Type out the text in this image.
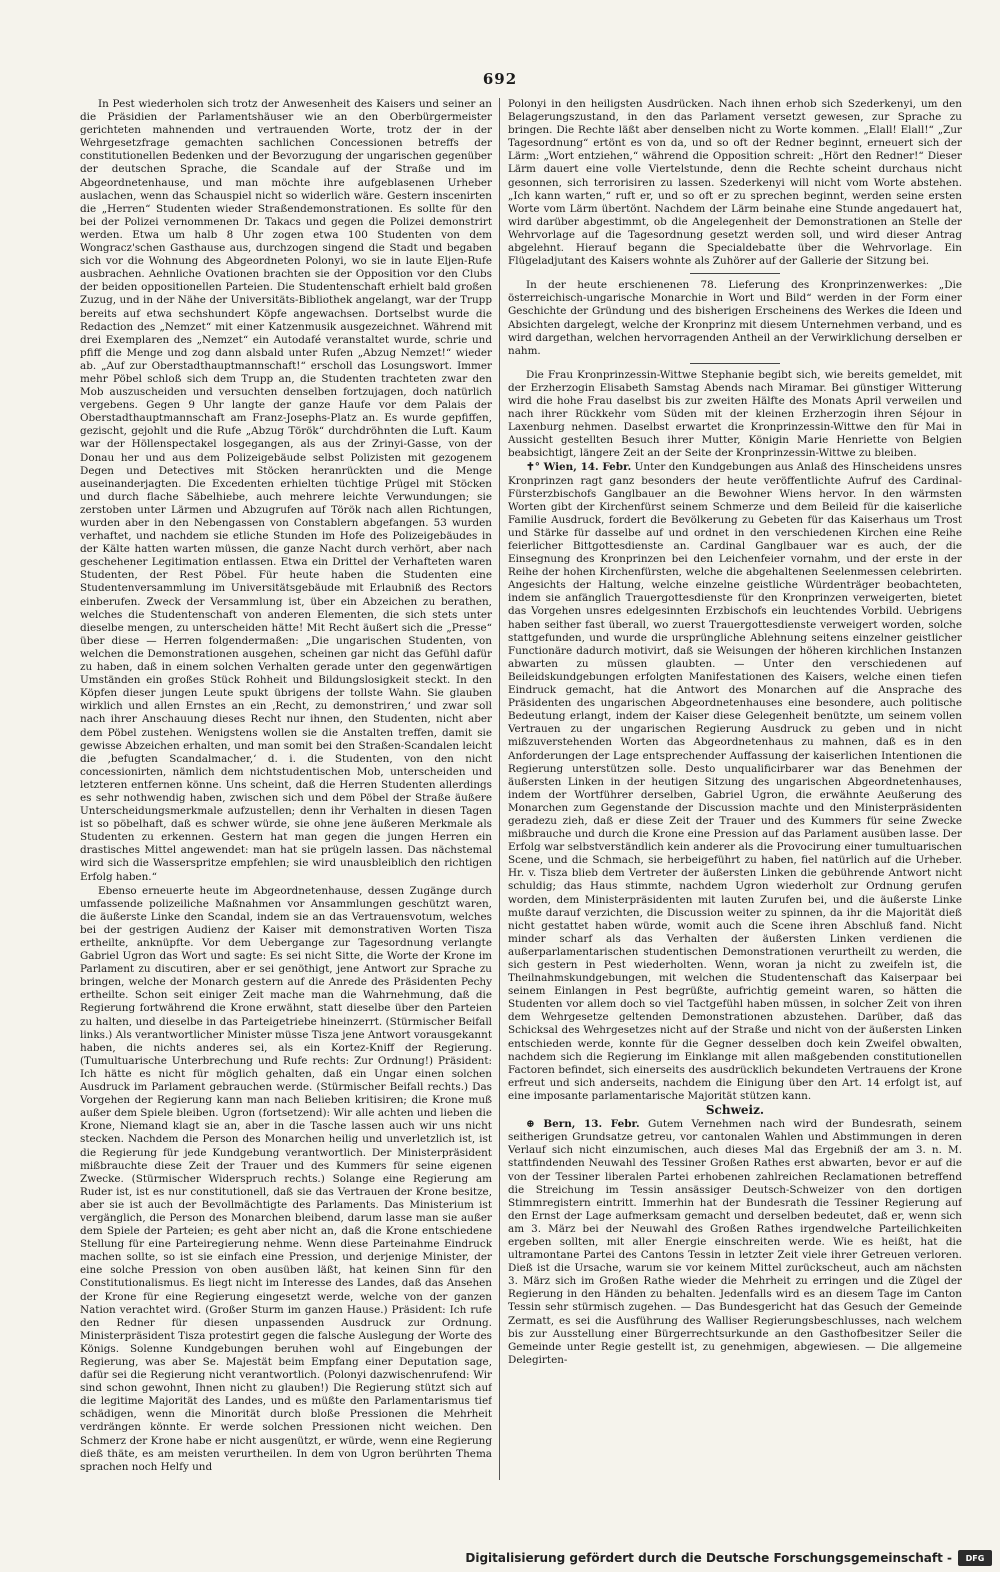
692

In Pest wiederholen sich trotz der Anwesenheit des Kaisers und seiner an die Präsidien der Parlamentshäuser wie an den Oberbürgermeister gerichteten mahnenden und vertrauenden Worte, trotz der in der Wehrgesetzfrage gemachten sachlichen Concessionen betreffs der constitutionellen Bedenken und der Bevorzugung der ungarischen gegenüber der deutschen Sprache, die Scandale auf der Straße und im Abgeordnetenhause, und man möchte ihre aufgeblasenen Urheber auslachen, wenn das Schauspiel nicht so widerlich wäre. Gestern inscenirten die „Herren“ Studenten wieder Straßendemonstrationen. Es sollte für den bei der Polizei vernommenen Dr. Takacs und gegen die Polizei demonstrirt werden. Etwa um halb 8 Uhr zogen etwa 100 Studenten von dem Wongracz'schen Gasthause aus, durchzogen singend die Stadt und begaben sich vor die Wohnung des Abgeordneten Polonyi, wo sie in laute Eljen-Rufe ausbrachen. Aehnliche Ovationen brachten sie der Opposition vor den Clubs der beiden oppositionellen Parteien. Die Studentenschaft erhielt bald großen Zuzug, und in der Nähe der Universitäts-Bibliothek angelangt, war der Trupp bereits auf etwa sechshundert Köpfe angewachsen. Dortselbst wurde die Redaction des „Nemzet“ mit einer Katzenmusik ausgezeichnet. Während mit drei Exemplaren des „Nemzet“ ein Autodafé veranstaltet wurde, schrie und pfiff die Menge und zog dann alsbald unter Rufen „Abzug Nemzet!“ wieder ab. „Auf zur Oberstadthauptmannschaft!“ erscholl das Losungswort. Immer mehr Pöbel schloß sich dem Trupp an, die Studenten trachteten zwar den Mob auszuscheiden und versuchten denselben fortzujagen, doch natürlich vergebens. Gegen 9 Uhr langte der ganze Haufe vor dem Palais der Oberstadthauptmannschaft am Franz-Josephs-Platz an. Es wurde gepfiffen, gezischt, gejohlt und die Rufe „Abzug Török“ durchdröhnten die Luft. Kaum war der Höllenspectakel losgegangen, als aus der Zrinyi-Gasse, von der Donau her und aus dem Polizeigebäude selbst Polizisten mit gezogenem Degen und Detectives mit Stöcken heranrückten und die Menge auseinanderjagten. Die Excedenten erhielten tüchtige Prügel mit Stöcken und durch flache Säbelhiebe, auch mehrere leichte Verwundungen; sie zerstoben unter Lärmen und Abzugrufen auf Török nach allen Richtungen, wurden aber in den Nebengassen von Constablern abgefangen. 53 wurden verhaftet, und nachdem sie etliche Stunden im Hofe des Polizeigebäudes in der Kälte hatten warten müssen, die ganze Nacht durch verhört, aber nach geschehener Legitimation entlassen. Etwa ein Drittel der Verhafteten waren Studenten, der Rest Pöbel. Für heute haben die Studenten eine Studentenversammlung im Universitätsgebäude mit Erlaubniß des Rectors einberufen. Zweck der Versammlung ist, über ein Abzeichen zu berathen, welches die Studentenschaft von anderen Elementen, die sich stets unter dieselbe mengen, zu unterscheiden hätte! Mit Recht äußert sich die „Presse“ über diese — Herren folgendermaßen: „Die ungarischen Studenten, von welchen die Demonstrationen ausgehen, scheinen gar nicht das Gefühl dafür zu haben, daß in einem solchen Verhalten gerade unter den gegenwärtigen Umständen ein großes Stück Rohheit und Bildungslosigkeit steckt. In den Köpfen dieser jungen Leute spukt übrigens der tollste Wahn. Sie glauben wirklich und allen Ernstes an ein ‚Recht, zu demonstriren,‘ und zwar soll nach ihrer Anschauung dieses Recht nur ihnen, den Studenten, nicht aber dem Pöbel zustehen. Wenigstens wollen sie die Anstalten treffen, damit sie gewisse Abzeichen erhalten, und man somit bei den Straßen-Scandalen leicht die ‚befugten Scandalmacher,‘ d. i. die Studenten, von den nicht concessionirten, nämlich dem nichtstudentischen Mob, unterscheiden und letzteren entfernen könne. Uns scheint, daß die Herren Studenten allerdings es sehr nothwendig haben, zwischen sich und dem Pöbel der Straße äußere Unterscheidungsmerkmale aufzustellen; denn ihr Verhalten in diesen Tagen ist so pöbelhaft, daß es schwer würde, sie ohne jene äußeren Merkmale als Studenten zu erkennen. Gestern hat man gegen die jungen Herren ein drastisches Mittel angewendet: man hat sie prügeln lassen. Das nächstemal wird sich die Wasserspritze empfehlen; sie wird unausbleiblich den richtigen Erfolg haben.“

Ebenso erneuerte heute im Abgeordnetenhause, dessen Zugänge durch umfassende polizeiliche Maßnahmen vor Ansammlungen geschützt waren, die äußerste Linke den Scandal, indem sie an das Vertrauensvotum, welches bei der gestrigen Audienz der Kaiser mit demonstrativen Worten Tisza ertheilte, anknüpfte. Vor dem Uebergange zur Tagesordnung verlangte Gabriel Ugron das Wort und sagte: Es sei nicht Sitte, die Worte der Krone im Parlament zu discutiren, aber er sei genöthigt, jene Antwort zur Sprache zu bringen, welche der Monarch gestern auf die Anrede des Präsidenten Pechy ertheilte. Schon seit einiger Zeit mache man die Wahrnehmung, daß die Regierung fortwährend die Krone erwähnt, statt dieselbe über den Parteien zu halten, und dieselbe in das Parteigetriebe hineinzerrt. (Stürmischer Beifall links.) Als verantwortlicher Minister müsse Tisza jene Antwort vorausgekannt haben, die nichts anderes sei, als ein Kortez-Kniff der Regierung. (Tumultuarische Unterbrechung und Rufe rechts: Zur Ordnung!) Präsident: Ich hätte es nicht für möglich gehalten, daß ein Ungar einen solchen Ausdruck im Parlament gebrauchen werde. (Stürmischer Beifall rechts.) Das Vorgehen der Regierung kann man nach Belieben kritisiren; die Krone muß außer dem Spiele bleiben. Ugron (fortsetzend): Wir alle achten und lieben die Krone, Niemand klagt sie an, aber in die Tasche lassen auch wir uns nicht stecken. Nachdem die Person des Monarchen heilig und unverletzlich ist, ist die Regierung für jede Kundgebung verantwortlich. Der Ministerpräsident mißbrauchte diese Zeit der Trauer und des Kummers für seine eigenen Zwecke. (Stürmischer Widerspruch rechts.) Solange eine Regierung am Ruder ist, ist es nur constitutionell, daß sie das Vertrauen der Krone besitze, aber sie ist auch der Bevollmächtigte des Parlaments. Das Ministerium ist vergänglich, die Person des Monarchen bleibend, darum lasse man sie außer dem Spiele der Parteien; es geht aber nicht an, daß die Krone entschiedene Stellung für eine Parteiregierung nehme. Wenn diese Parteinahme Eindruck machen sollte, so ist sie einfach eine Pression, und derjenige Minister, der eine solche Pression von oben ausüben läßt, hat keinen Sinn für den Constitutionalismus. Es liegt nicht im Interesse des Landes, daß das Ansehen der Krone für eine Regierung eingesetzt werde, welche von der ganzen Nation verachtet wird. (Großer Sturm im ganzen Hause.) Präsident: Ich rufe den Redner für diesen unpassenden Ausdruck zur Ordnung. Ministerpräsident Tisza protestirt gegen die falsche Auslegung der Worte des Königs. Solenne Kundgebungen beruhen wohl auf Eingebungen der Regierung, was aber Se. Majestät beim Empfang einer Deputation sage, dafür sei die Regierung nicht verantwortlich. (Polonyi dazwischenrufend: Wir sind schon gewohnt, Ihnen nicht zu glauben!) Die Regierung stützt sich auf die legitime Majorität des Landes, und es müßte den Parlamentarismus tief schädigen, wenn die Minorität durch bloße Pressionen die Mehrheit verdrängen könnte. Er werde solchen Pressionen nicht weichen. Den Schmerz der Krone habe er nicht ausgenützt, er würde, wenn eine Regierung dieß thäte, es am meisten verurtheilen. In dem von Ugron berührten Thema sprachen noch Helfy und

Polonyi in den heiligsten Ausdrücken. Nach ihnen erhob sich Szederkenyi, um den Belagerungszustand, in den das Parlament versetzt gewesen, zur Sprache zu bringen. Die Rechte läßt aber denselben nicht zu Worte kommen. „Elall! Elall!“ „Zur Tagesordnung“ ertönt es von da, und so oft der Redner beginnt, erneuert sich der Lärm: „Wort entziehen,“ während die Opposition schreit: „Hört den Redner!“ Dieser Lärm dauert eine volle Viertelstunde, denn die Rechte scheint durchaus nicht gesonnen, sich terrorisiren zu lassen. Szederkenyi will nicht vom Worte abstehen. „Ich kann warten,“ ruft er, und so oft er zu sprechen beginnt, werden seine ersten Worte vom Lärm übertönt. Nachdem der Lärm beinahe eine Stunde angedauert hat, wird darüber abgestimmt, ob die Angelegenheit der Demonstrationen an Stelle der Wehrvorlage auf die Tagesordnung gesetzt werden soll, und wird dieser Antrag abgelehnt. Hierauf begann die Specialdebatte über die Wehrvorlage. Ein Flügeladjutant des Kaisers wohnte als Zuhörer auf der Gallerie der Sitzung bei.

In der heute erschienenen 78. Lieferung des Kronprinzenwerkes: „Die österreichisch-ungarische Monarchie in Wort und Bild“ werden in der Form einer Geschichte der Gründung und des bisherigen Erscheinens des Werkes die Ideen und Absichten dargelegt, welche der Kronprinz mit diesem Unternehmen verband, und es wird dargethan, welchen hervorragenden Antheil an der Verwirklichung derselben er nahm.

Die Frau Kronprinzessin-Wittwe Stephanie begibt sich, wie bereits gemeldet, mit der Erzherzogin Elisabeth Samstag Abends nach Miramar. Bei günstiger Witterung wird die hohe Frau daselbst bis zur zweiten Hälfte des Monats April verweilen und nach ihrer Rückkehr vom Süden mit der kleinen Erzherzogin ihren Séjour in Laxenburg nehmen. Daselbst erwartet die Kronprinzessin-Wittwe den für Mai in Aussicht gestellten Besuch ihrer Mutter, Königin Marie Henriette von Belgien beabsichtigt, längere Zeit an der Seite der Kronprinzessin-Wittwe zu bleiben.

✝° Wien, 14. Febr. Unter den Kundgebungen aus Anlaß des Hinscheidens unsres Kronprinzen ragt ganz besonders der heute veröffentlichte Aufruf des Cardinal-Fürsterzbischofs Ganglbauer an die Bewohner Wiens hervor. In den wärmsten Worten gibt der Kirchenfürst seinem Schmerze und dem Beileid für die kaiserliche Familie Ausdruck, fordert die Bevölkerung zu Gebeten für das Kaiserhaus um Trost und Stärke für dasselbe auf und ordnet in den verschiedenen Kirchen eine Reihe feierlicher Bittgottesdienste an. Cardinal Ganglbauer war es auch, der die Einsegnung des Kronprinzen bei den Leichenfeier vornahm, und der erste in der Reihe der hohen Kirchenfürsten, welche die abgehaltenen Seelenmessen celebrirten. Angesichts der Haltung, welche einzelne geistliche Würdenträger beobachteten, indem sie anfänglich Trauergottesdienste für den Kronprinzen verweigerten, bietet das Vorgehen unsres edelgesinnten Erzbischofs ein leuchtendes Vorbild. Uebrigens haben seither fast überall, wo zuerst Trauergottesdienste verweigert worden, solche stattgefunden, und wurde die ursprüngliche Ablehnung seitens einzelner geistlicher Functionäre dadurch motivirt, daß sie Weisungen der höheren kirchlichen Instanzen abwarten zu müssen glaubten. — Unter den verschiedenen auf Beileidskundgebungen erfolgten Manifestationen des Kaisers, welche einen tiefen Eindruck gemacht, hat die Antwort des Monarchen auf die Ansprache des Präsidenten des ungarischen Abgeordnetenhauses eine besondere, auch politische Bedeutung erlangt, indem der Kaiser diese Gelegenheit benützte, um seinem vollen Vertrauen zu der ungarischen Regierung Ausdruck zu geben und in nicht mißzuverstehenden Worten das Abgeordnetenhaus zu mahnen, daß es in den Anforderungen der Lage entsprechender Auffassung der kaiserlichen Intentionen die Regierung unterstützen solle. Desto unqualificirbarer war das Benehmen der äußersten Linken in der heutigen Sitzung des ungarischen Abgeordnetenhauses, indem der Wortführer derselben, Gabriel Ugron, die erwähnte Aeußerung des Monarchen zum Gegenstande der Discussion machte und den Ministerpräsidenten geradezu zieh, daß er diese Zeit der Trauer und des Kummers für seine Zwecke mißbrauche und durch die Krone eine Pression auf das Parlament ausüben lasse. Der Erfolg war selbstverständlich kein anderer als die Provocirung einer tumultuarischen Scene, und die Schmach, sie herbeigeführt zu haben, fiel natürlich auf die Urheber. Hr. v. Tisza blieb dem Vertreter der äußersten Linken die gebührende Antwort nicht schuldig; das Haus stimmte, nachdem Ugron wiederholt zur Ordnung gerufen worden, dem Ministerpräsidenten mit lauten Zurufen bei, und die äußerste Linke mußte darauf verzichten, die Discussion weiter zu spinnen, da ihr die Majorität dieß nicht gestattet haben würde, womit auch die Scene ihren Abschluß fand. Nicht minder scharf als das Verhalten der äußersten Linken verdienen die außerparlamentarischen studentischen Demonstrationen verurtheilt zu werden, die sich gestern in Pest wiederholten. Wenn, woran ja nicht zu zweifeln ist, die Theilnahmskundgebungen, mit welchen die Studentenschaft das Kaiserpaar bei seinem Einlangen in Pest begrüßte, aufrichtig gemeint waren, so hätten die Studenten vor allem doch so viel Tactgefühl haben müssen, in solcher Zeit von ihren dem Wehrgesetze geltenden Demonstrationen abzustehen. Darüber, daß das Schicksal des Wehrgesetzes nicht auf der Straße und nicht von der äußersten Linken entschieden werde, konnte für die Gegner desselben doch kein Zweifel obwalten, nachdem sich die Regierung im Einklange mit allen maßgebenden constitutionellen Factoren befindet, sich einerseits des ausdrücklich bekundeten Vertrauens der Krone erfreut und sich anderseits, nachdem die Einigung über den Art. 14 erfolgt ist, auf eine imposante parlamentarische Majorität stützen kann.

Schweiz.

⊕ Bern, 13. Febr. Gutem Vernehmen nach wird der Bundesrath, seinem seitherigen Grundsatze getreu, vor cantonalen Wahlen und Abstimmungen in deren Verlauf sich nicht einzumischen, auch dieses Mal das Ergebniß der am 3. n. M. stattfindenden Neuwahl des Tessiner Großen Rathes erst abwarten, bevor er auf die von der Tessiner liberalen Partei erhobenen zahlreichen Reclamationen betreffend die Streichung im Tessin ansässiger Deutsch-Schweizer von den dortigen Stimmregistern eintritt. Immerhin hat der Bundesrath die Tessiner Regierung auf den Ernst der Lage aufmerksam gemacht und derselben bedeutet, daß er, wenn sich am 3. März bei der Neuwahl des Großen Rathes irgendwelche Parteilichkeiten ergeben sollten, mit aller Energie einschreiten werde. Wie es heißt, hat die ultramontane Partei des Cantons Tessin in letzter Zeit viele ihrer Getreuen verloren. Dieß ist die Ursache, warum sie vor keinem Mittel zurückscheut, auch am nächsten 3. März sich im Großen Rathe wieder die Mehrheit zu erringen und die Zügel der Regierung in den Händen zu behalten. Jedenfalls wird es an diesem Tage im Canton Tessin sehr stürmisch zugehen. — Das Bundesgericht hat das Gesuch der Gemeinde Zermatt, es sei die Ausführung des Walliser Regierungsbeschlusses, nach welchem bis zur Ausstellung einer Bürgerrechtsurkunde an den Gasthofbesitzer Seiler die Gemeinde unter Regie gestellt ist, zu genehmigen, abgewiesen. — Die allgemeine Delegirten-

Digitalisierung gefördert durch die Deutsche Forschungsgemeinschaft -	DFG
